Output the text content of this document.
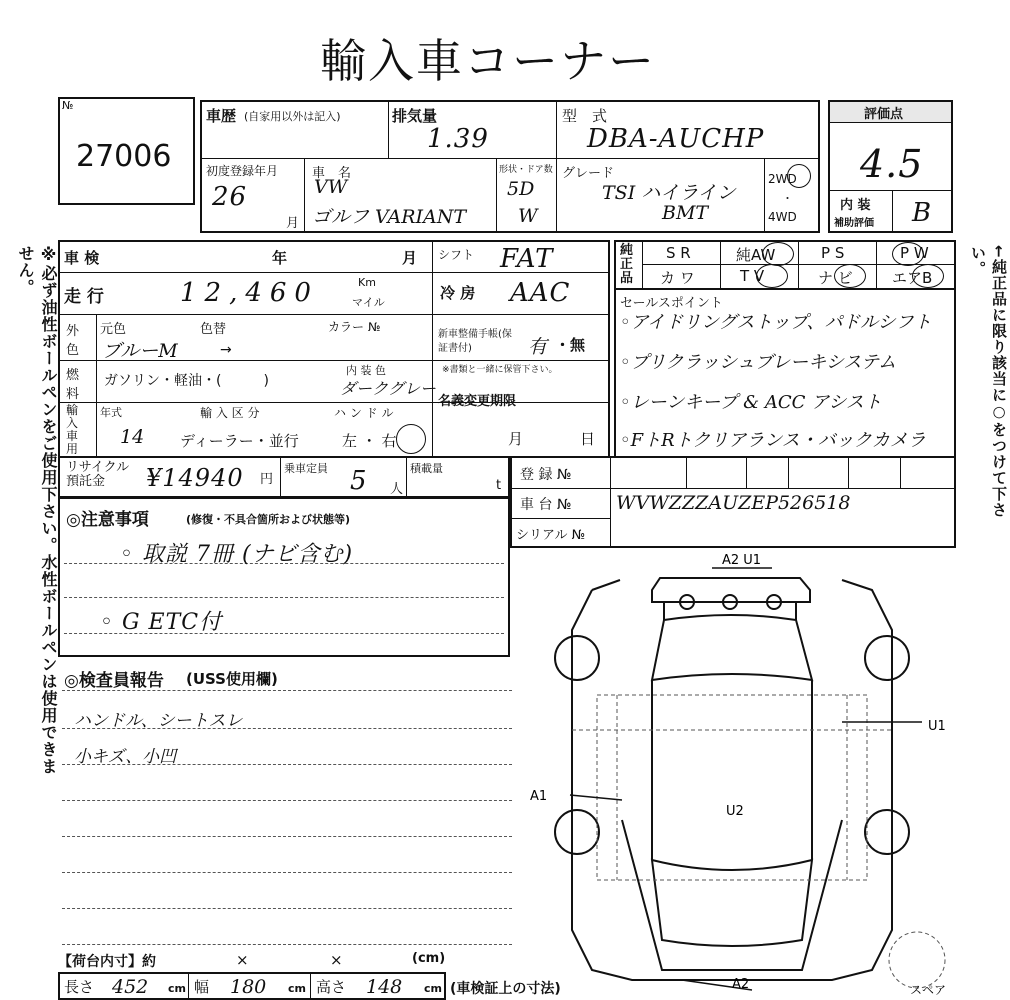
輸入車コーナー
※必ず油性ボールペンをご使用下さい。水性ボールペンは使用できません。	←純正品に限り該当に○をつけて下さい。
№
27006
車歴 (自家用以外は記入)	排気量
1.39
型　式
DBA-AUCHP
初度登録年月
26
月
車　名
VW
ゴルフ VARIANT
形状・ドア数
5D
W
グレード
TSI ハイライン
BMT
2WD
・
4WD
評価点
4.5
内 装
補助評価 B
車 検	年	月 シフト FAT
走 行	12,460	Km
マイル
冷 房 AAC
外色
元色	色替	カラー №
ブルーM	→
新車整備手帳(保証書付)	有 ・無
※書類と一緒に保管下さい。
燃料
ガソリン・軽油・(　　　)
内 装 色
ダークグレー
名義変更期限
月	日
輸入車用
年式
14
輸 入 区 分
ディーラー・並行
ハ ン ド ル
左 ・ 右
純正品
S R	純AW	P S	P W
カ ワ	T V	ナ ビ	エアB
セールスポイント
◦アイドリングストップ、パドルシフト
◦プリクラッシュブレーキシステム
◦レーンキープ & ACC アシスト
◦FトRトクリアランス・バックカメラ
リサイクル預託金	¥14940 円
乗車定員 5 人
積載量
t
登 録 №
車 台 № WVWZZZAUZEP526518
シリアル №
◎注意事項	(修復・不具合箇所および状態等)
◦ 取説 7冊 (ナビ含む)
◦ G ETC付
◎検査員報告 (USS使用欄)
ハンドル、シートスレ
小キズ、小凹
【荷台内寸】約	×	×	(cm)
長さ 452 cm 幅 180 cm 高さ 148 cm (車検証上の寸法)
A2 U1
U1
A1
U2
A2	スペア
